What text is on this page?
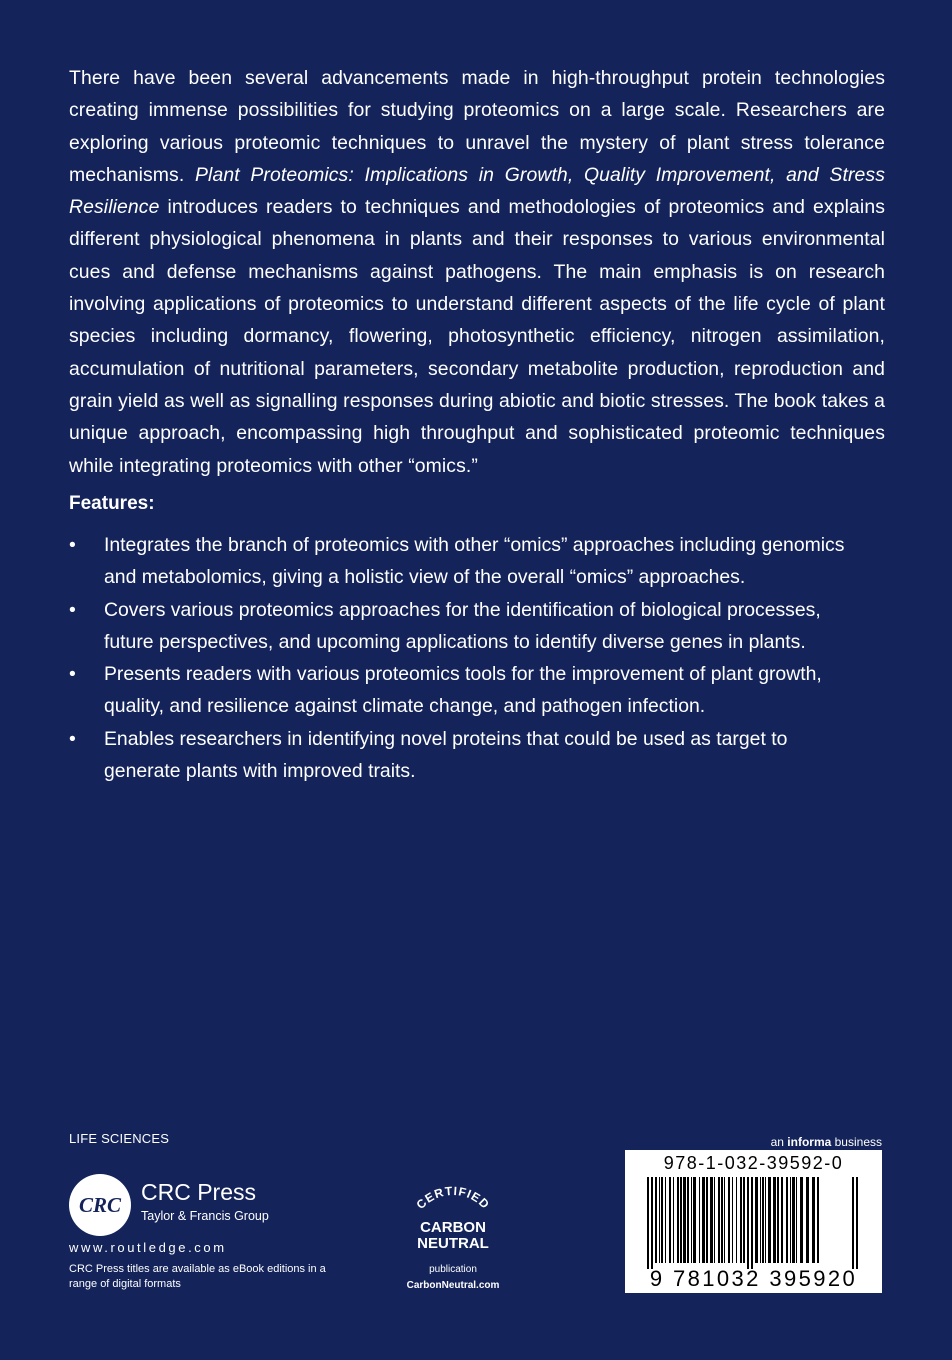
There have been several advancements made in high-throughput protein technologies creating immense possibilities for studying proteomics on a large scale. Researchers are exploring various proteomic techniques to unravel the mystery of plant stress tolerance mechanisms. Plant Proteomics: Implications in Growth, Quality Improvement, and Stress Resilience introduces readers to techniques and methodologies of proteomics and explains different physiological phenomena in plants and their responses to various environmental cues and defense mechanisms against pathogens. The main emphasis is on research involving applications of proteomics to understand different aspects of the life cycle of plant species including dormancy, flowering, photosynthetic efficiency, nitrogen assimilation, accumulation of nutritional parameters, secondary metabolite production, reproduction and grain yield as well as signalling responses during abiotic and biotic stresses. The book takes a unique approach, encompassing high throughput and sophisticated proteomic techniques while integrating proteomics with other “omics.”
Features:
• Integrates the branch of proteomics with other “omics” approaches including genomics and metabolomics, giving a holistic view of the overall “omics” approaches.
• Covers various proteomics approaches for the identification of biological processes, future perspectives, and upcoming applications to identify diverse genes in plants.
• Presents readers with various proteomics tools for the improvement of plant growth, quality, and resilience against climate change, and pathogen infection.
• Enables researchers in identifying novel proteins that could be used as target to generate plants with improved traits.
LIFE SCIENCES
CRC CRC Press
Taylor & Francis Group
www.routledge.com
CRC Press titles are available as eBook editions in a range of digital formats
CERTIFIED
CARBON
NEUTRAL
publication
CarbonNeutral.com
an informa business
978-1-032-39592-0
9 781032 395920
